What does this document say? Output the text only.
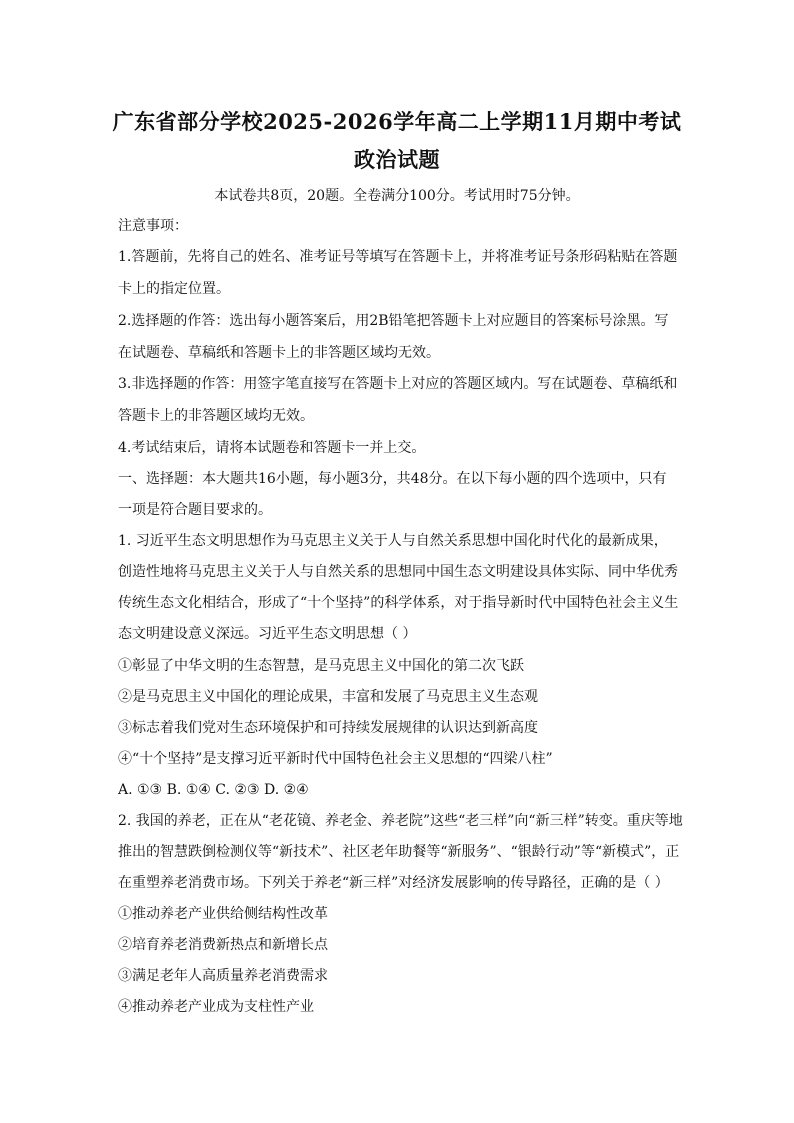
广东省部分学校2025-2026学年高二上学期11月期中考试
政治试题
本试卷共8页，20题。全卷满分100分。考试用时75分钟。
注意事项：
1.答题前，先将自己的姓名、准考证号等填写在答题卡上，并将准考证号条形码粘贴在答题
卡上的指定位置。
2.选择题的作答：选出每小题答案后，用2B铅笔把答题卡上对应题目的答案标号涂黑。写
在试题卷、草稿纸和答题卡上的非答题区域均无效。
3.非选择题的作答：用签字笔直接写在答题卡上对应的答题区域内。写在试题卷、草稿纸和
答题卡上的非答题区域均无效。
4.考试结束后，请将本试题卷和答题卡一并上交。
一、选择题：本大题共16小题，每小题3分，共48分。在以下每小题的四个选项中，只有
一项是符合题目要求的。
1. 习近平生态文明思想作为马克思主义关于人与自然关系思想中国化时代化的最新成果，
创造性地将马克思主义关于人与自然关系的思想同中国生态文明建设具体实际、同中华优秀
传统生态文化相结合，形成了“十个坚持”的科学体系，对于指导新时代中国特色社会主义生
态文明建设意义深远。习近平生态文明思想（ ）
①彰显了中华文明的生态智慧，是马克思主义中国化的第二次飞跃
②是马克思主义中国化的理论成果，丰富和发展了马克思主义生态观
③标志着我们党对生态环境保护和可持续发展规律的认识达到新高度
④“十个坚持”是支撑习近平新时代中国特色社会主义思想的“四梁八柱”
A. ①③ B. ①④ C. ②③ D. ②④
2. 我国的养老，正在从“老花镜、养老金、养老院”这些“老三样”向“新三样”转变。重庆等地
推出的智慧跌倒检测仪等“新技术”、社区老年助餐等“新服务”、“银龄行动”等“新模式”，正
在重塑养老消费市场。下列关于养老“新三样”对经济发展影响的传导路径，正确的是（ ）
①推动养老产业供给侧结构性改革
②培育养老消费新热点和新增长点
③满足老年人高质量养老消费需求
④推动养老产业成为支柱性产业
